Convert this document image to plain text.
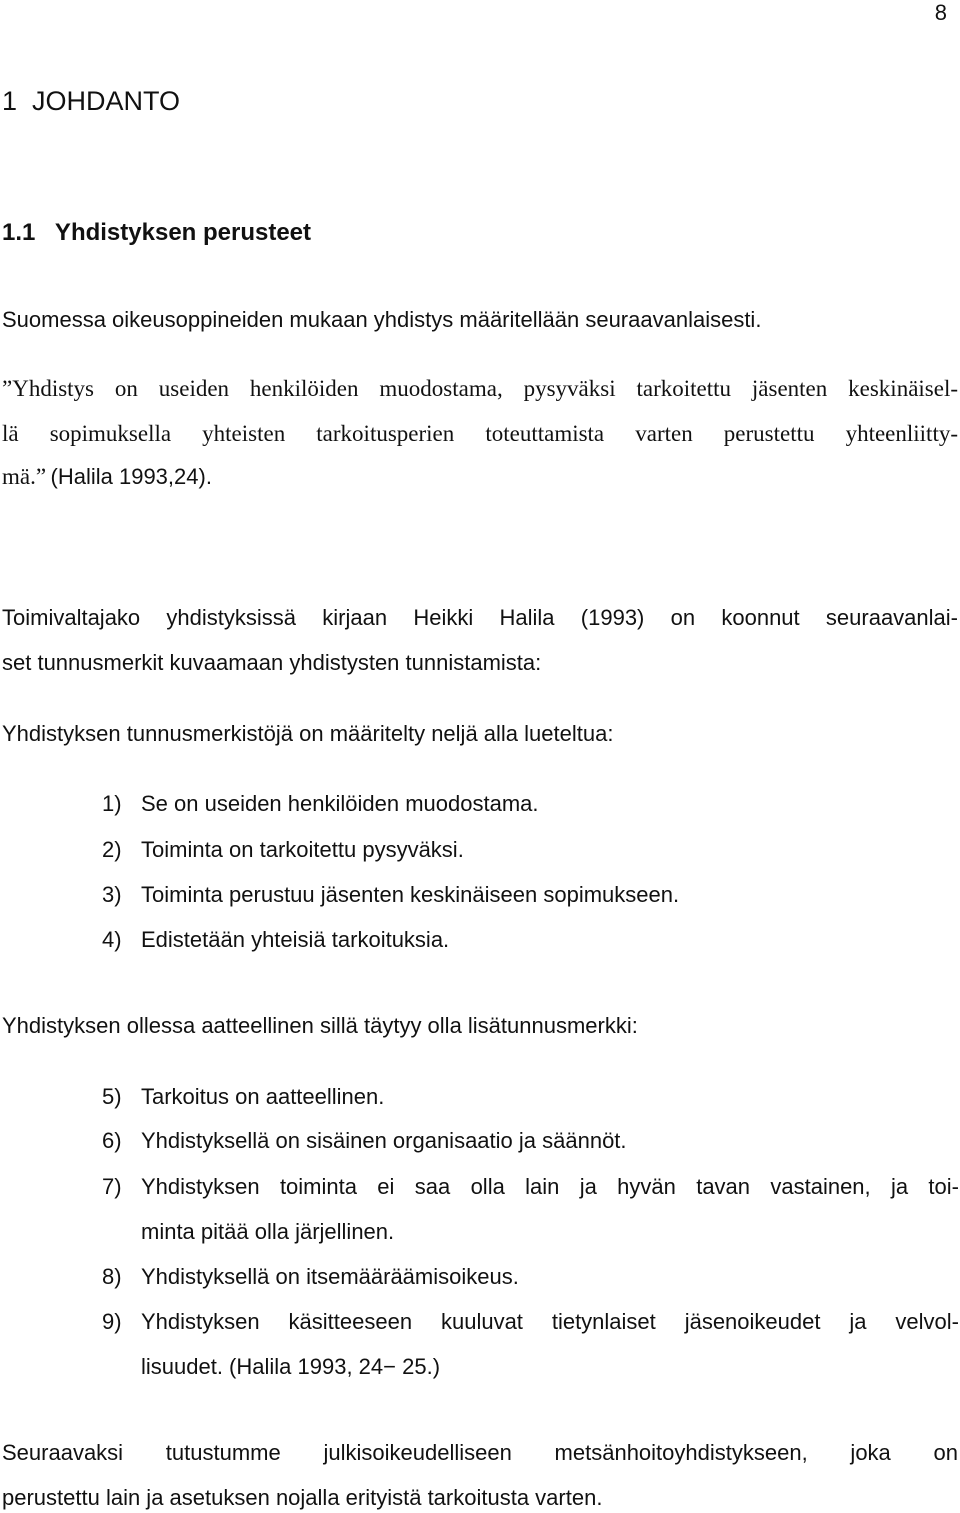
8
1  JOHDANTO
1.1   Yhdistyksen perusteet
Suomessa oikeusoppineiden mukaan yhdistys määritellään seuraavanlaisesti.
”Yhdistys on useiden henkilöiden muodostama, pysyväksi tarkoitettu jäsenten keskinäisel-
lä sopimuksella yhteisten tarkoitusperien toteuttamista varten perustettu yhteenliitty-
mä.” (Halila 1993,24).
Toimivaltajako yhdistyksissä kirjaan Heikki Halila (1993) on koonnut seuraavanlai-
set tunnusmerkit kuvaamaan yhdistysten tunnistamista:
Yhdistyksen tunnusmerkistöjä on määritelty neljä alla lueteltua:
1) Se on useiden henkilöiden muodostama.
2) Toiminta on tarkoitettu pysyväksi.
3) Toiminta perustuu jäsenten keskinäiseen sopimukseen.
4) Edistetään yhteisiä tarkoituksia.
Yhdistyksen ollessa aatteellinen sillä täytyy olla lisätunnusmerkki:
5) Tarkoitus on aatteellinen.
6) Yhdistyksellä on sisäinen organisaatio ja säännöt.
7) Yhdistyksen toiminta ei saa olla lain ja hyvän tavan vastainen, ja toi-
minta pitää olla järjellinen.
8) Yhdistyksellä on itsemääräämisoikeus.
9) Yhdistyksen käsitteeseen kuuluvat tietynlaiset jäsenoikeudet ja velvol-
lisuudet. (Halila 1993, 24− 25.)
Seuraavaksi tutustumme julkisoikeudelliseen metsänhoitoyhdistykseen, joka on
perustettu lain ja asetuksen nojalla erityistä tarkoitusta varten.
